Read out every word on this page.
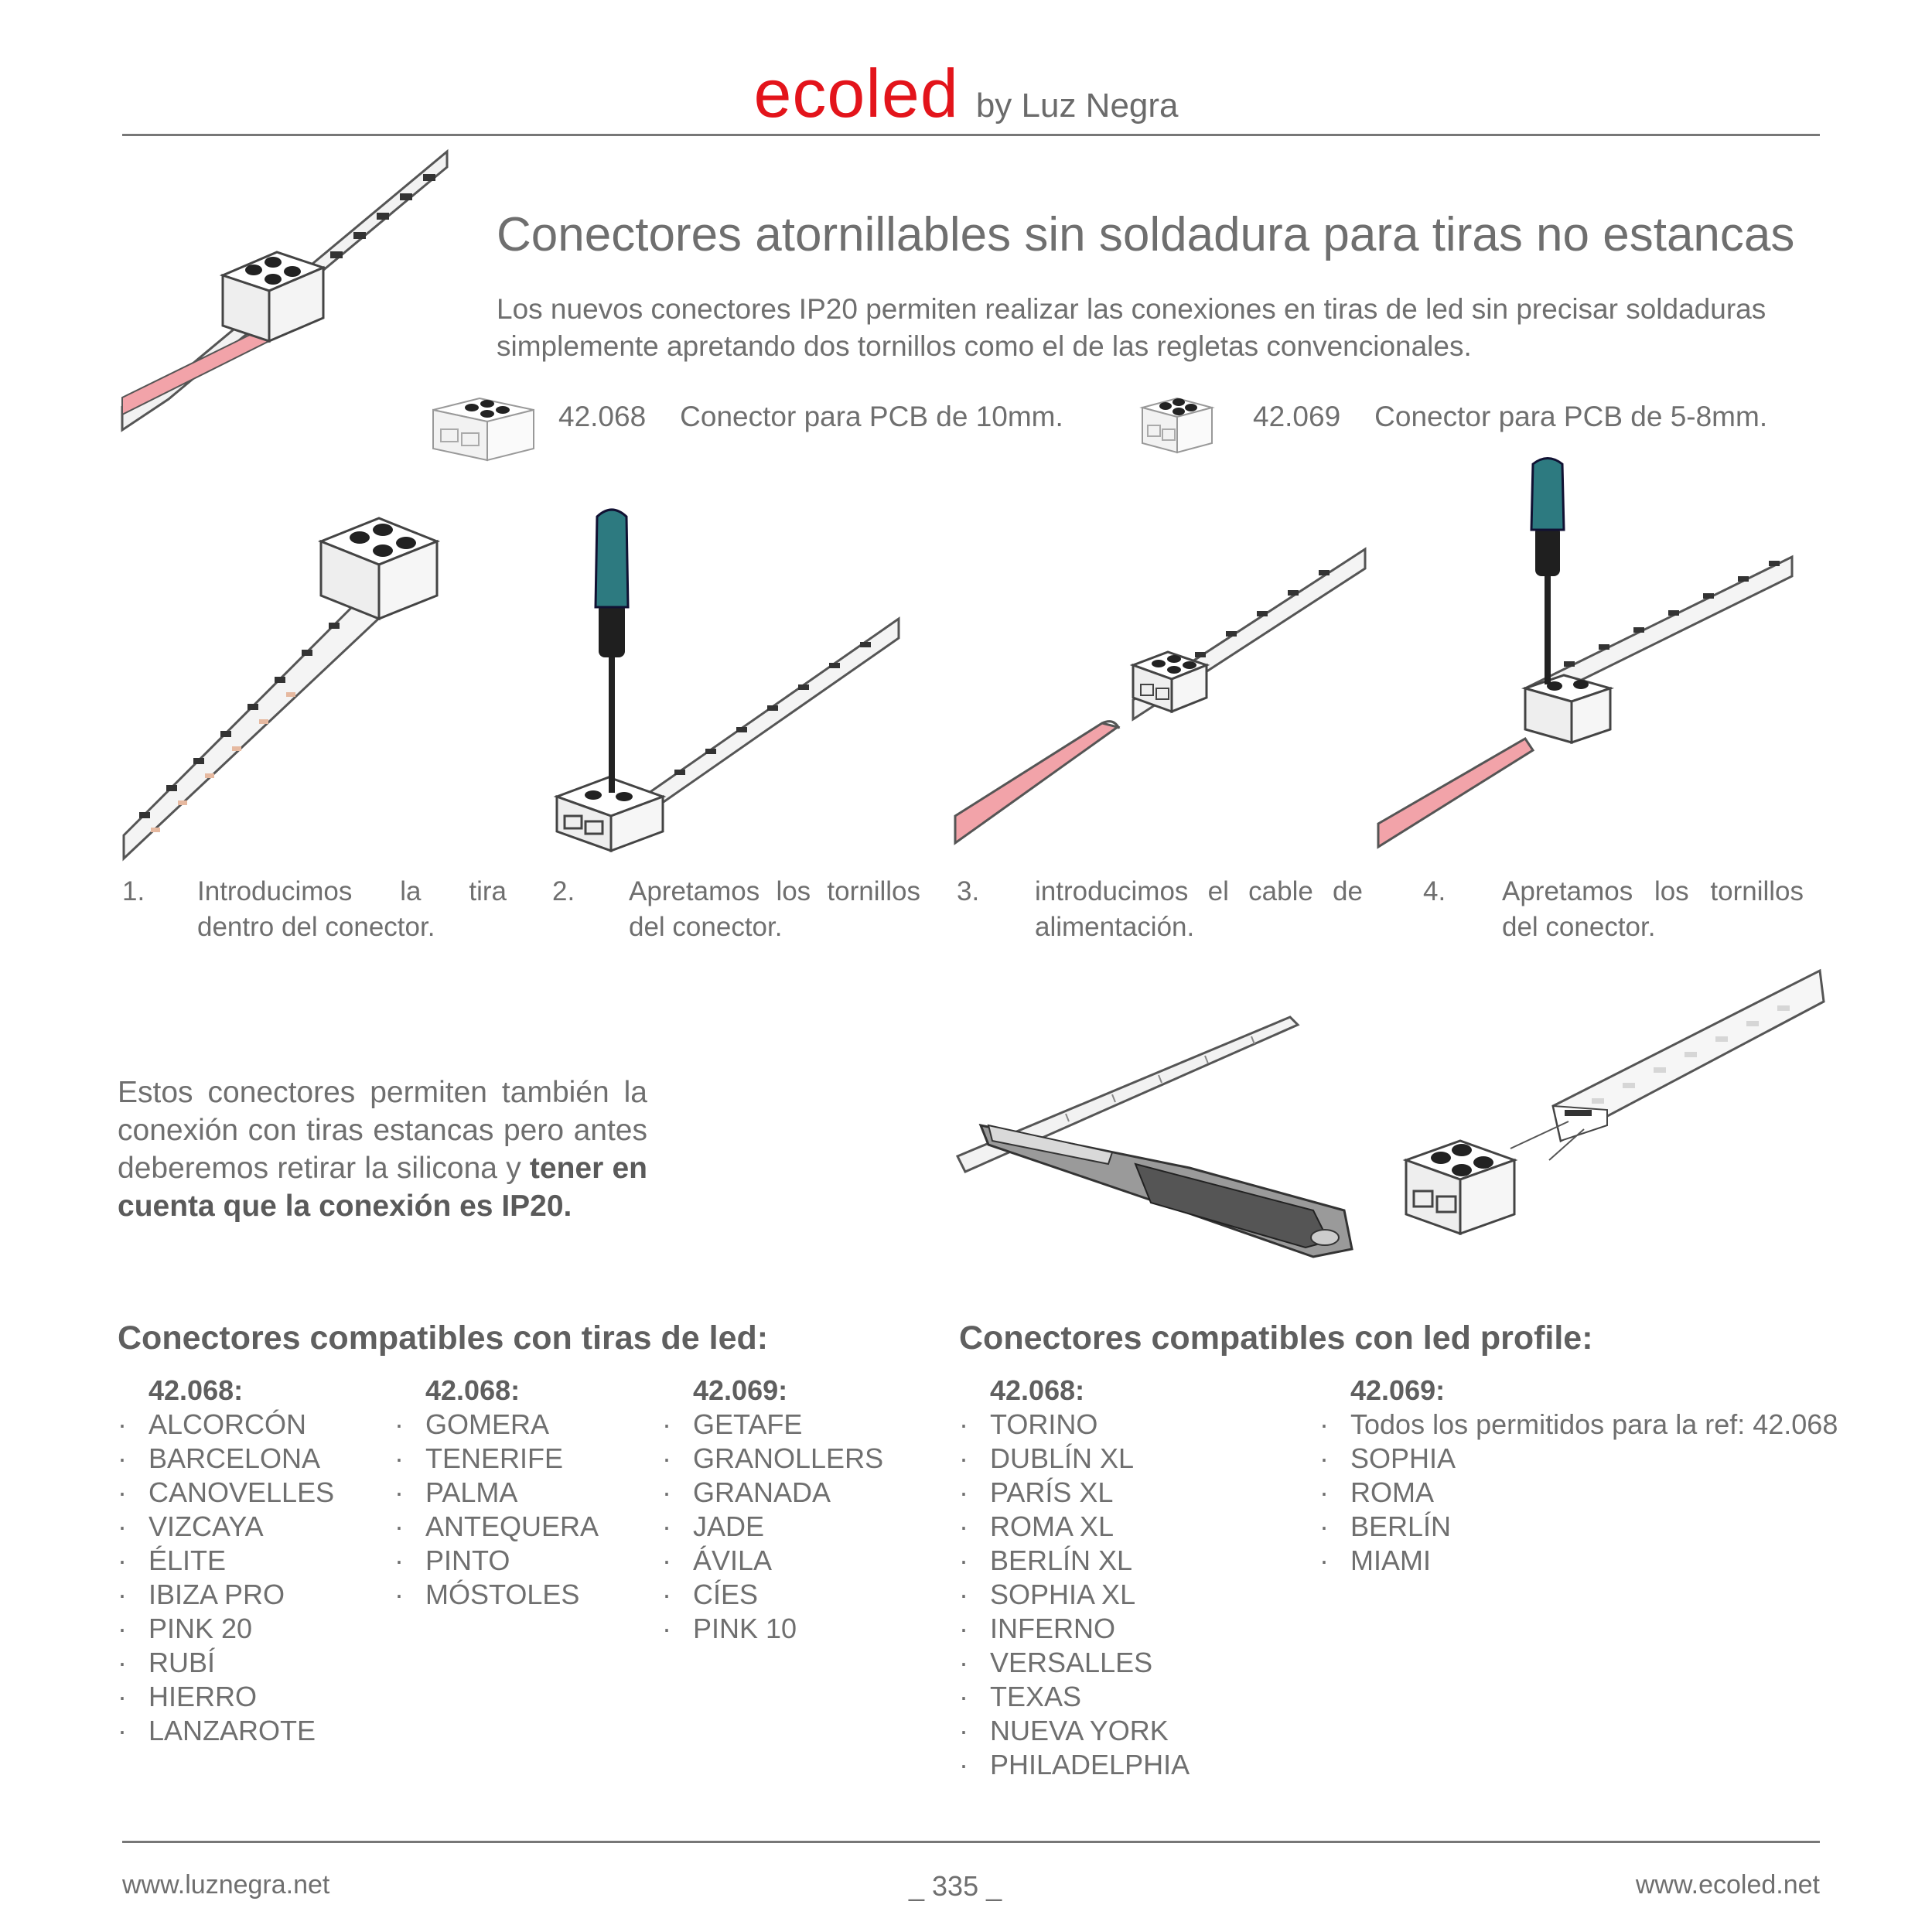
ecoled by Luz Negra
Conectores atornillables sin soldadura para tiras no estancas
Los nuevos conectores IP20 permiten realizar las conexiones en tiras de led sin precisar soldaduras simplemente apretando dos tornillos como el de las regletas convencionales.
42.068 Conector para PCB de 10mm.	42.069 Conector para PCB de 5-8mm.
1.	Introducimos la tira dentro del conector.
2.	Apretamos los tornillos del conector.
3.	introducimos el cable de alimentación.
4.	Apretamos los tornillos del conector.
Estos conectores permiten también la conexión con tiras estancas pero antes deberemos retirar la silicona y tener en cuenta que la conexión es IP20.
Conectores compatibles con tiras de led:
42.068:
· ALCORCÓN
· BARCELONA
· CANOVELLES
· VIZCAYA
· ÉLITE
· IBIZA PRO
· PINK 20
· RUBÍ
· HIERRO
· LANZAROTE
42.068:
· GOMERA
· TENERIFE
· PALMA
· ANTEQUERA
· PINTO
· MÓSTOLES
42.069:
· GETAFE
· GRANOLLERS
· GRANADA
· JADE
· ÁVILA
· CÍES
· PINK 10
Conectores compatibles con led profile:
42.068:
· TORINO
· DUBLÍN XL
· PARÍS XL
· ROMA XL
· BERLÍN XL
· SOPHIA XL
· INFERNO
· VERSALLES
· TEXAS
· NUEVA YORK
· PHILADELPHIA
42.069:
· Todos los permitidos para la ref: 42.068
· SOPHIA
· ROMA
· BERLÍN
· MIAMI
www.luznegra.net	_ 335 _	www.ecoled.net
